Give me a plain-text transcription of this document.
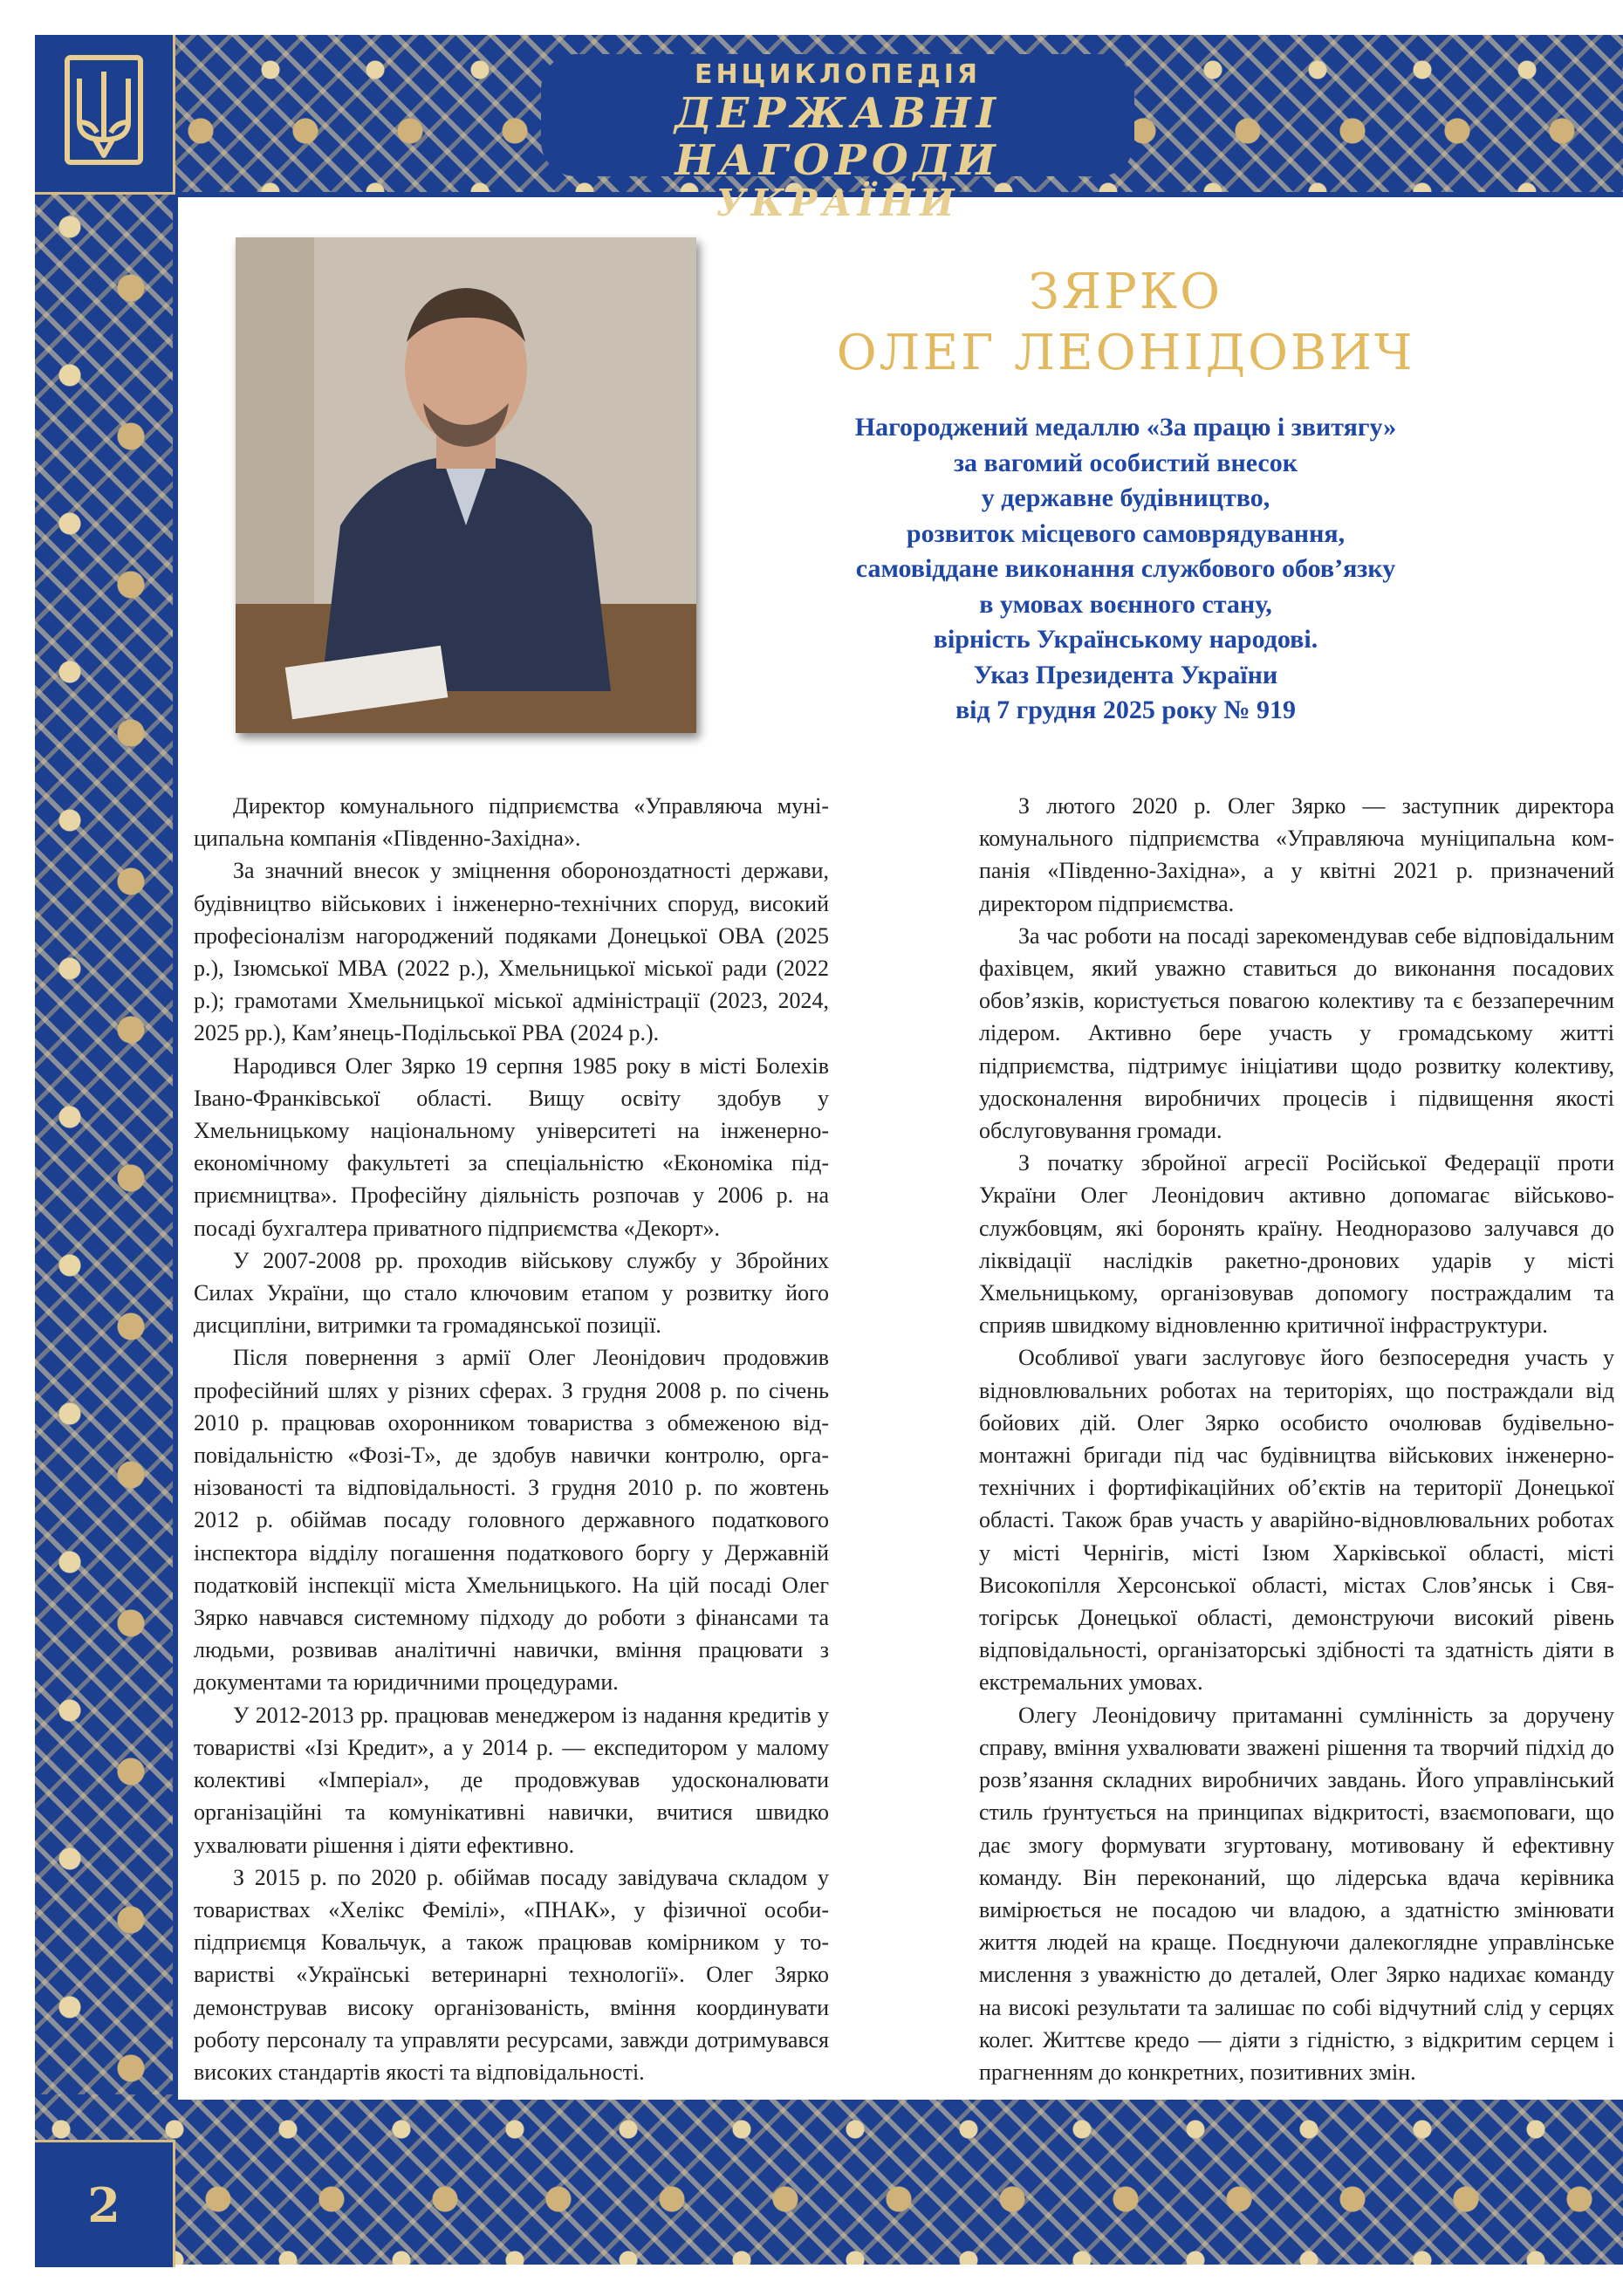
ЕНЦИКЛОПЕДІЯ
ДЕРЖАВНІ НАГОРОДИ
УКРАЇНИ
ЗЯРКО
ОЛЕГ ЛЕОНІДОВИЧ
Нагороджений медаллю «За працю і звитягу»
за вагомий особистий внесок
у державне будівництво,
розвиток місцевого самоврядування,
самовіддане виконання службового обов’язку
в умовах воєнного стану,
вірність Українському народові.
Указ Президента України
від 7 грудня 2025 року № 919

Директор комунального підприємства «Управляюча муніципальна компанія «Південно-Західна».

За значний внесок у зміцнення обороноздатності держави, будівництво військових і інженерно-технічних споруд, високий професіоналізм нагороджений подяками Донецької ОВА (2025 р.), Ізюмської МВА (2022 р.), Хмельницької міської ради (2022 р.); грамотами Хмельницької міської адміністрації (2023, 2024, 2025 рр.), Кам’янець-Подільської РВА (2024 р.).

Народився Олег Зярко 19 серпня 1985 року в місті Болехів Івано-Франківської області. Вищу освіту здобув у Хмельницькому національному університеті на інженерно-економічному факультеті за спеціальністю «Економіка підприємництва». Професійну діяльність розпочав у 2006 р. на посаді бухгалтера приватного підприємства «Декорт».

У 2007-2008 рр. проходив військову службу у Збройних Силах України, що стало ключовим етапом у розвитку його дисципліни, витримки та громадянської позиції.

Після повернення з армії Олег Леонідович продовжив професійний шлях у різних сферах. З грудня 2008 р. по січень 2010 р. працював охоронником товариства з обмеженою відповідальністю «Фозі-Т», де здобув навички контролю, організованості та відповідальності. З грудня 2010 р. по жовтень 2012 р. обіймав посаду головного державного податкового інспектора відділу погашення податкового боргу у Державній податковій інспекції міста Хмельницького. На цій посаді Олег Зярко навчався системному підходу до роботи з фінансами та людьми, розвивав аналітичні навички, вміння працювати з документами та юридичними процедурами.

У 2012-2013 рр. працював менеджером із надання кредитів у товаристві «Ізі Кредит», а у 2014 р. — експедитором у малому колективі «Імперіал», де продовжував удосконалювати організаційні та комунікативні навички, вчитися швидко ухвалювати рішення і діяти ефективно.

З 2015 р. по 2020 р. обіймав посаду завідувача складом у товариствах «Хелікс Фемілі», «ПНАК», у фізичної особи-підприємця Ковальчук, а також працював комірником у товаристві «Українські ветеринарні технології». Олег Зярко демонстрував високу організованість, вміння координувати роботу персоналу та управляти ресурсами, завжди дотримувався високих стандартів якості та відповідальності.

З лютого 2020 р. Олег Зярко — заступник директора комунального підприємства «Управляюча муніципальна компанія «Південно-Західна», а у квітні 2021 р. призначений директором підприємства.

За час роботи на посаді зарекомендував себе відповідальним фахівцем, який уважно ставиться до виконання посадових обов’язків, користується повагою колективу та є беззаперечним лідером. Активно бере участь у громадському житті підприємства, підтримує ініціативи щодо розвитку колективу, удосконалення виробничих процесів і підвищення якості обслуговування громади.

З початку збройної агресії Російської Федерації проти України Олег Леонідович активно допомагає військовослужбовцям, які боронять країну. Неодноразово залучався до ліквідації наслідків ракетно-дронових ударів у місті Хмельницькому, організовував допомогу постраждалим та сприяв швидкому відновленню критичної інфраструктури.

Особливої уваги заслуговує його безпосередня участь у відновлювальних роботах на територіях, що постраждали від бойових дій. Олег Зярко особисто очолював будівельно-монтажні бригади під час будівництва військових інженерно-технічних і фортифікаційних об’єктів на території Донецької області. Також брав участь у аварійно-відновлювальних роботах у місті Чернігів, місті Ізюм Харківської області, місті Високопілля Херсонської області, містах Слов’янськ і Святогірськ Донецької області, демонструючи високий рівень відповідальності, організаторські здібності та здатність діяти в екстремальних умовах.

Олегу Леонідовичу притаманні сумлінність за доручену справу, вміння ухвалювати зважені рішення та творчий підхід до розв’язання складних виробничих завдань. Його управлінський стиль ґрунтується на принципах відкритості, взаємоповаги, що дає змогу формувати згуртовану, мотивовану й ефективну команду. Він переконаний, що лідерська вдача керівника вимірюється не посадою чи владою, а здатністю змінювати життя людей на краще. Поєднуючи далекоглядне управлінське мислення з уважністю до деталей, Олег Зярко надихає команду на високі результати та залишає по собі відчутний слід у серцях колег. Життєве кредо — діяти з гідністю, з відкритим серцем і прагненням до конкретних, позитивних змін.

2
